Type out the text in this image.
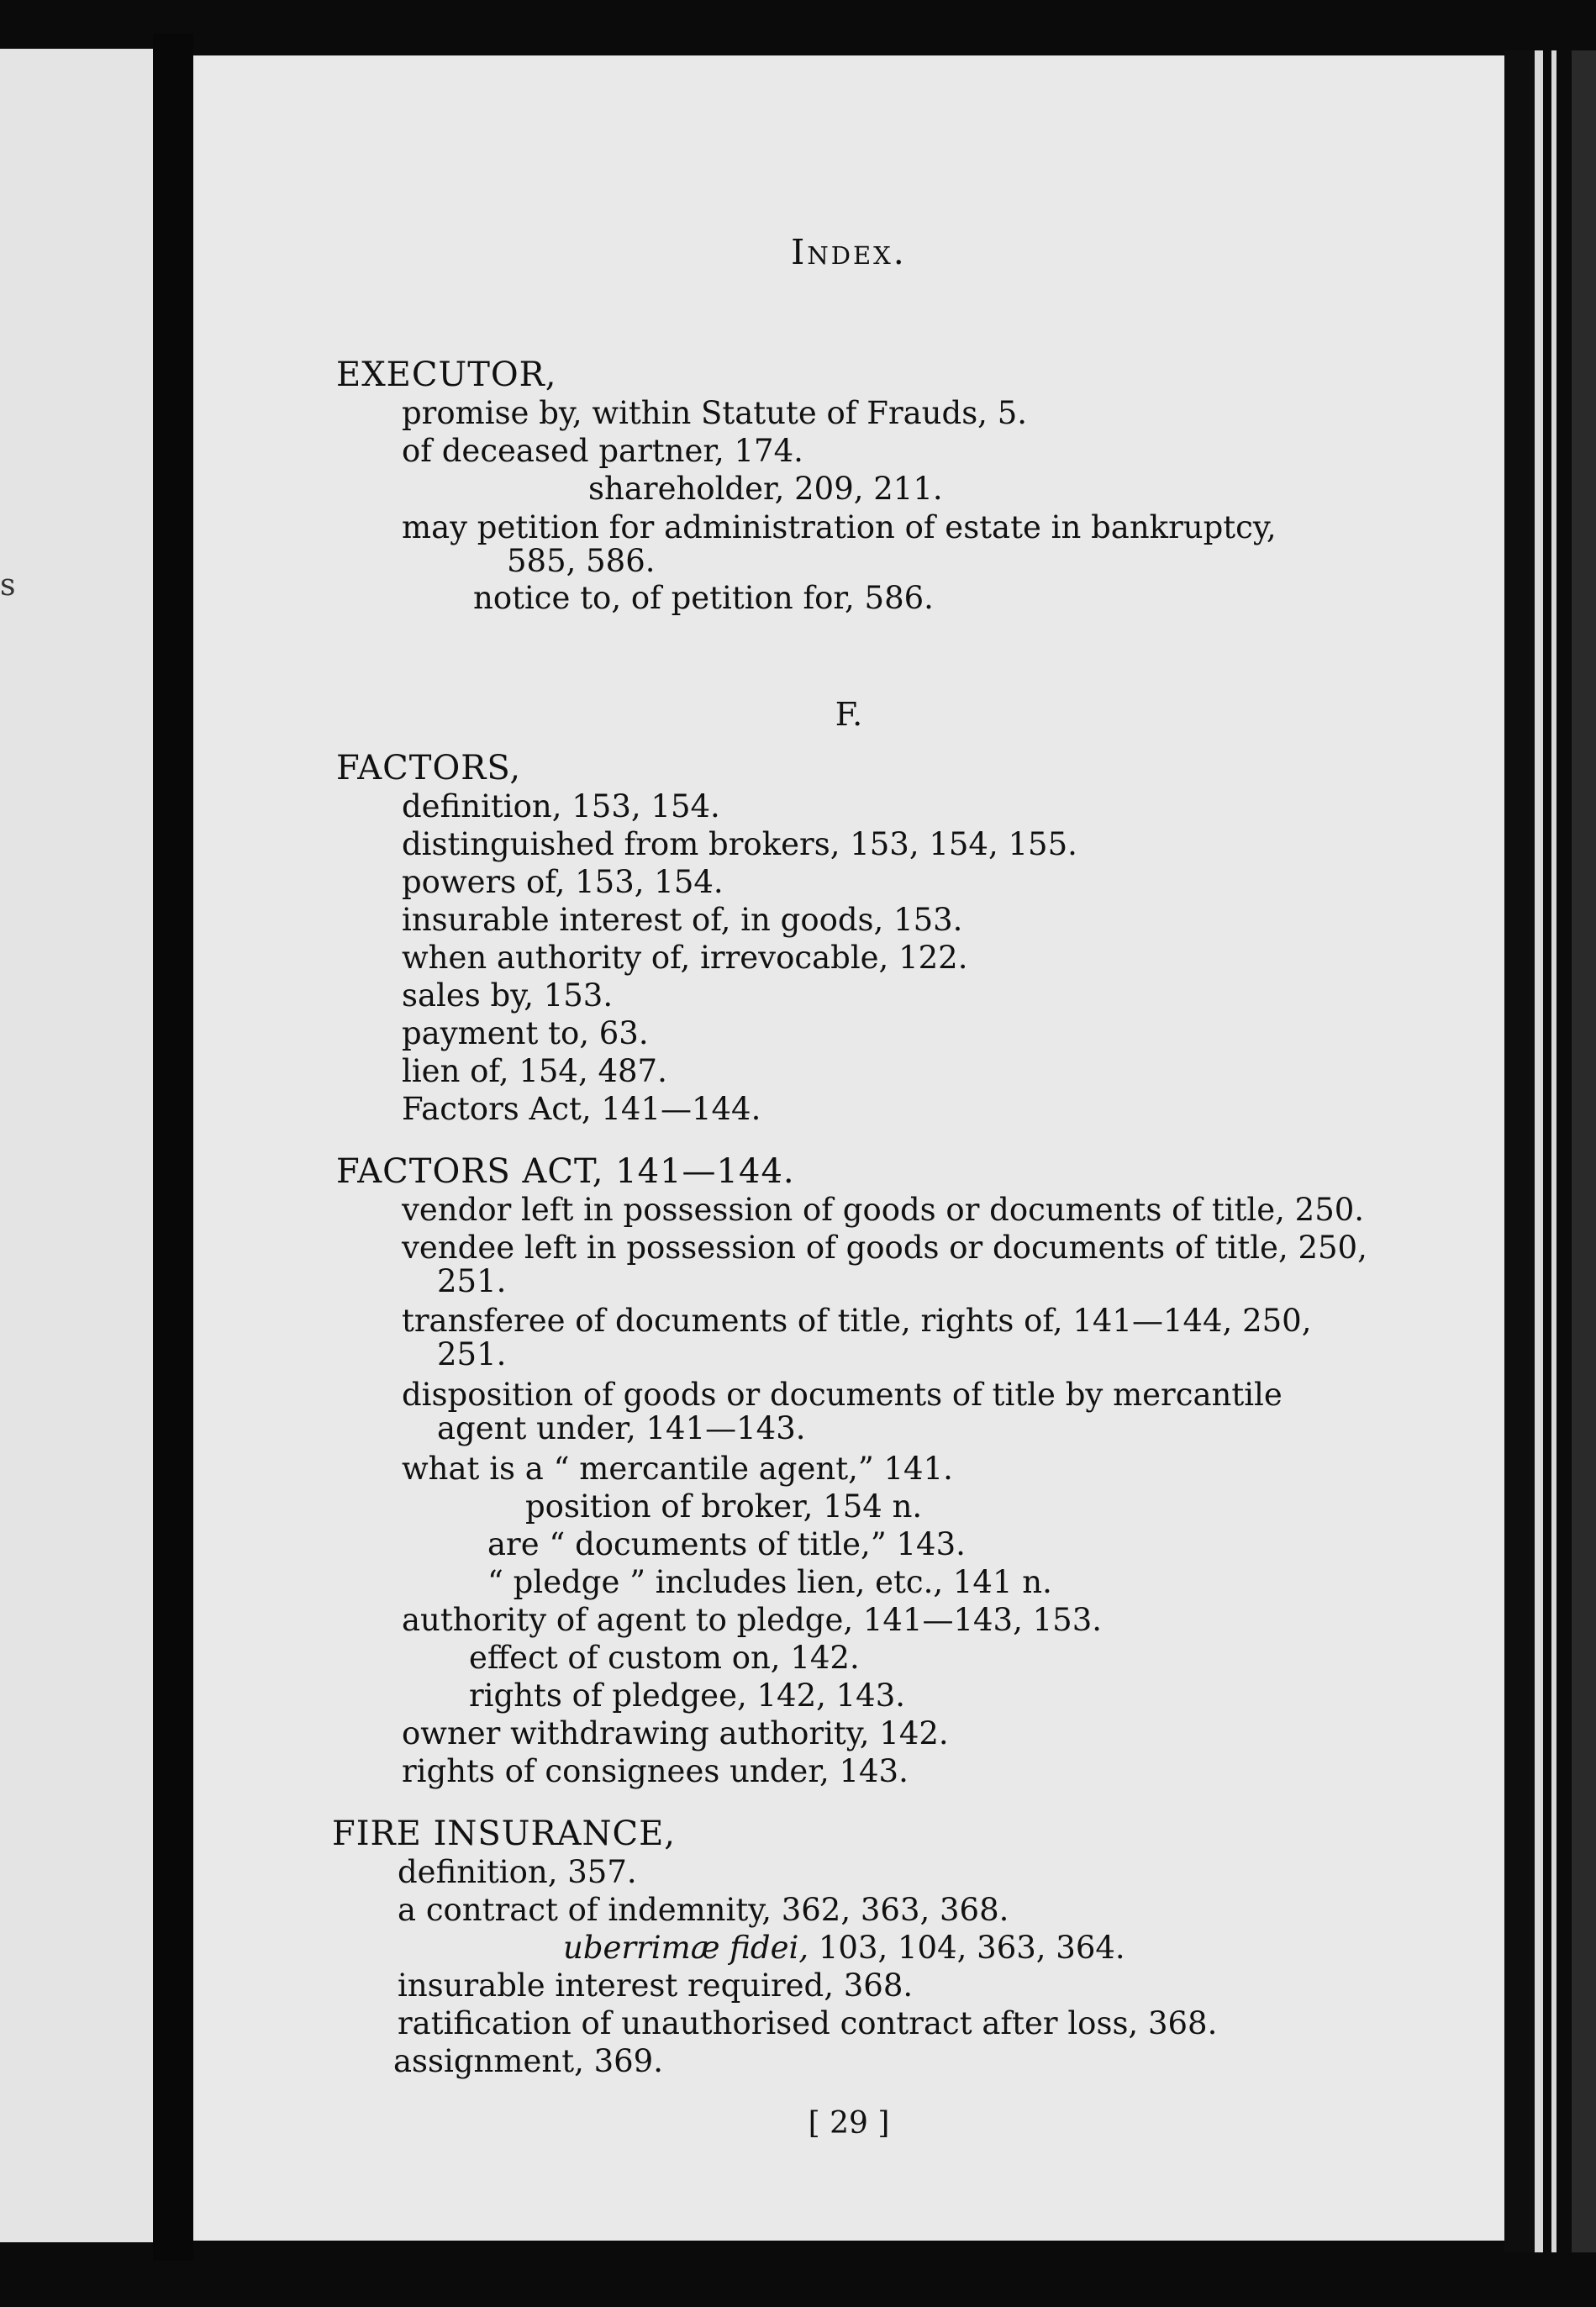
s
Index.
EXECUTOR,
promise by, within Statute of Frauds, 5.
of deceased partner, 174.
shareholder, 209, 211.
may petition for administration of estate in bankruptcy,
585, 586.
notice to, of petition for, 586.
F.
FACTORS,
definition, 153, 154.
distinguished from brokers, 153, 154, 155.
powers of, 153, 154.
insurable interest of, in goods, 153.
when authority of, irrevocable, 122.
sales by, 153.
payment to, 63.
lien of, 154, 487.
Factors Act, 141—144.
FACTORS ACT, 141—144.
vendor left in possession of goods or documents of title, 250.
vendee left in possession of goods or documents of title, 250,
251.
transferee of documents of title, rights of, 141—144, 250,
251.
disposition of goods or documents of title by mercantile
agent under, 141—143.
what is a “ mercantile agent,” 141.
position of broker, 154 n.
are “ documents of title,” 143.
“ pledge ” includes lien, etc., 141 n.
authority of agent to pledge, 141—143, 153.
effect of custom on, 142.
rights of pledgee, 142, 143.
owner withdrawing authority, 142.
rights of consignees under, 143.
FIRE INSURANCE,
definition, 357.
a contract of indemnity, 362, 363, 368.
uberrimæ fidei, 103, 104, 363, 364.
insurable interest required, 368.
ratification of unauthorised contract after loss, 368.
assignment, 369.
[ 29 ]
